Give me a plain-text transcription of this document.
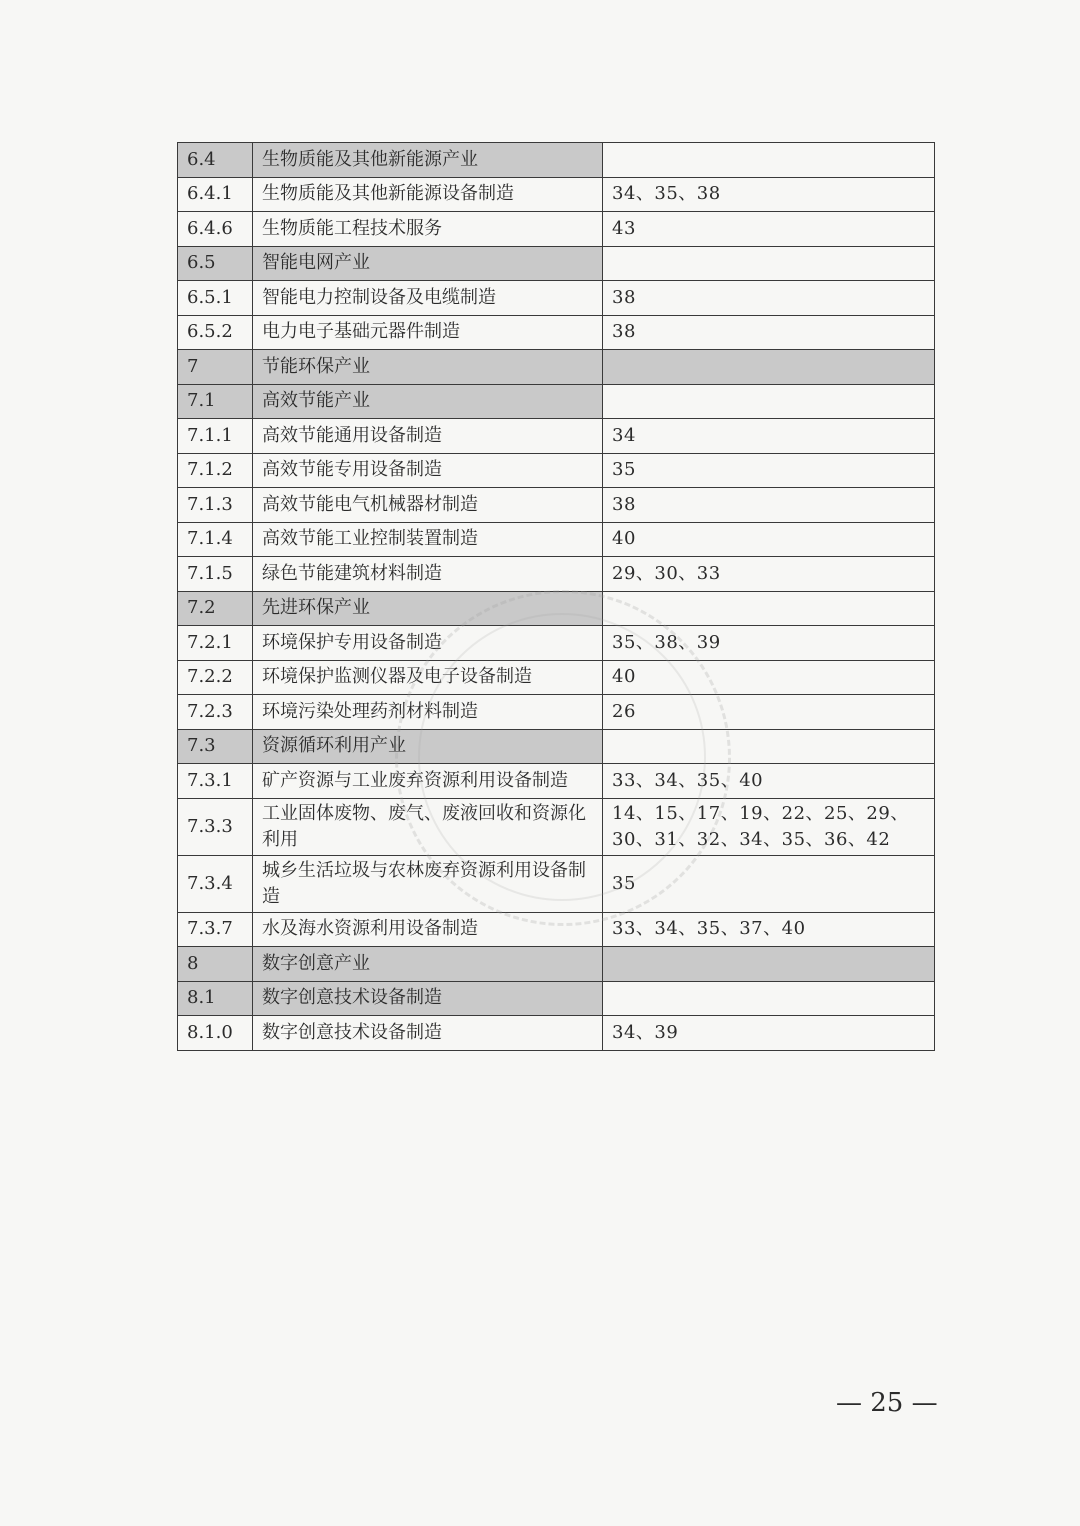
6.4	生物质能及其他新能源产业	
6.4.1	生物质能及其他新能源设备制造	34、35、38
6.4.6	生物质能工程技术服务	43
6.5	智能电网产业	
6.5.1	智能电力控制设备及电缆制造	38
6.5.2	电力电子基础元器件制造	38
7	节能环保产业	
7.1	高效节能产业	
7.1.1	高效节能通用设备制造	34
7.1.2	高效节能专用设备制造	35
7.1.3	高效节能电气机械器材制造	38
7.1.4	高效节能工业控制装置制造	40
7.1.5	绿色节能建筑材料制造	29、30、33
7.2	先进环保产业	
7.2.1	环境保护专用设备制造	35、38、39
7.2.2	环境保护监测仪器及电子设备制造	40
7.2.3	环境污染处理药剂材料制造	26
7.3	资源循环利用产业	
7.3.1	矿产资源与工业废弃资源利用设备制造	33、34、35、40
7.3.3	工业固体废物、废气、废液回收和资源化利用	14、15、17、19、22、25、29、30、31、32、34、35、36、42
7.3.4	城乡生活垃圾与农林废弃资源利用设备制造	35
7.3.7	水及海水资源利用设备制造	33、34、35、37、40
8	数字创意产业	
8.1	数字创意技术设备制造	
8.1.0	数字创意技术设备制造	34、39
— 25 —
